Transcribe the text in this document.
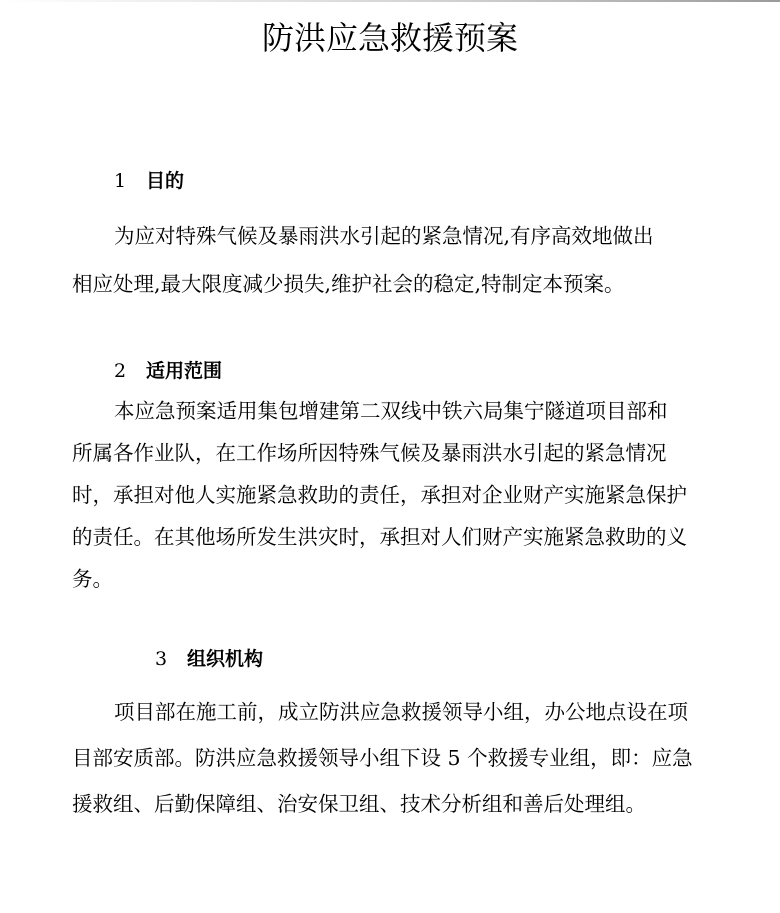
防洪应急救援预案
1 目的
为应对特殊气候及暴雨洪水引起的紧急情况,有序高效地做出
相应处理,最大限度减少损失,维护社会的稳定,特制定本预案。
2 适用范围
本应急预案适用集包增建第二双线中铁六局集宁隧道项目部和
所属各作业队，在工作场所因特殊气候及暴雨洪水引起的紧急情况
时，承担对他人实施紧急救助的责任，承担对企业财产实施紧急保护
的责任。在其他场所发生洪灾时，承担对人们财产实施紧急救助的义
务。
3 组织机构
项目部在施工前，成立防洪应急救援领导小组，办公地点设在项
目部安质部。防洪应急救援领导小组下设 5 个救援专业组，即：应急
援救组、后勤保障组、治安保卫组、技术分析组和善后处理组。
